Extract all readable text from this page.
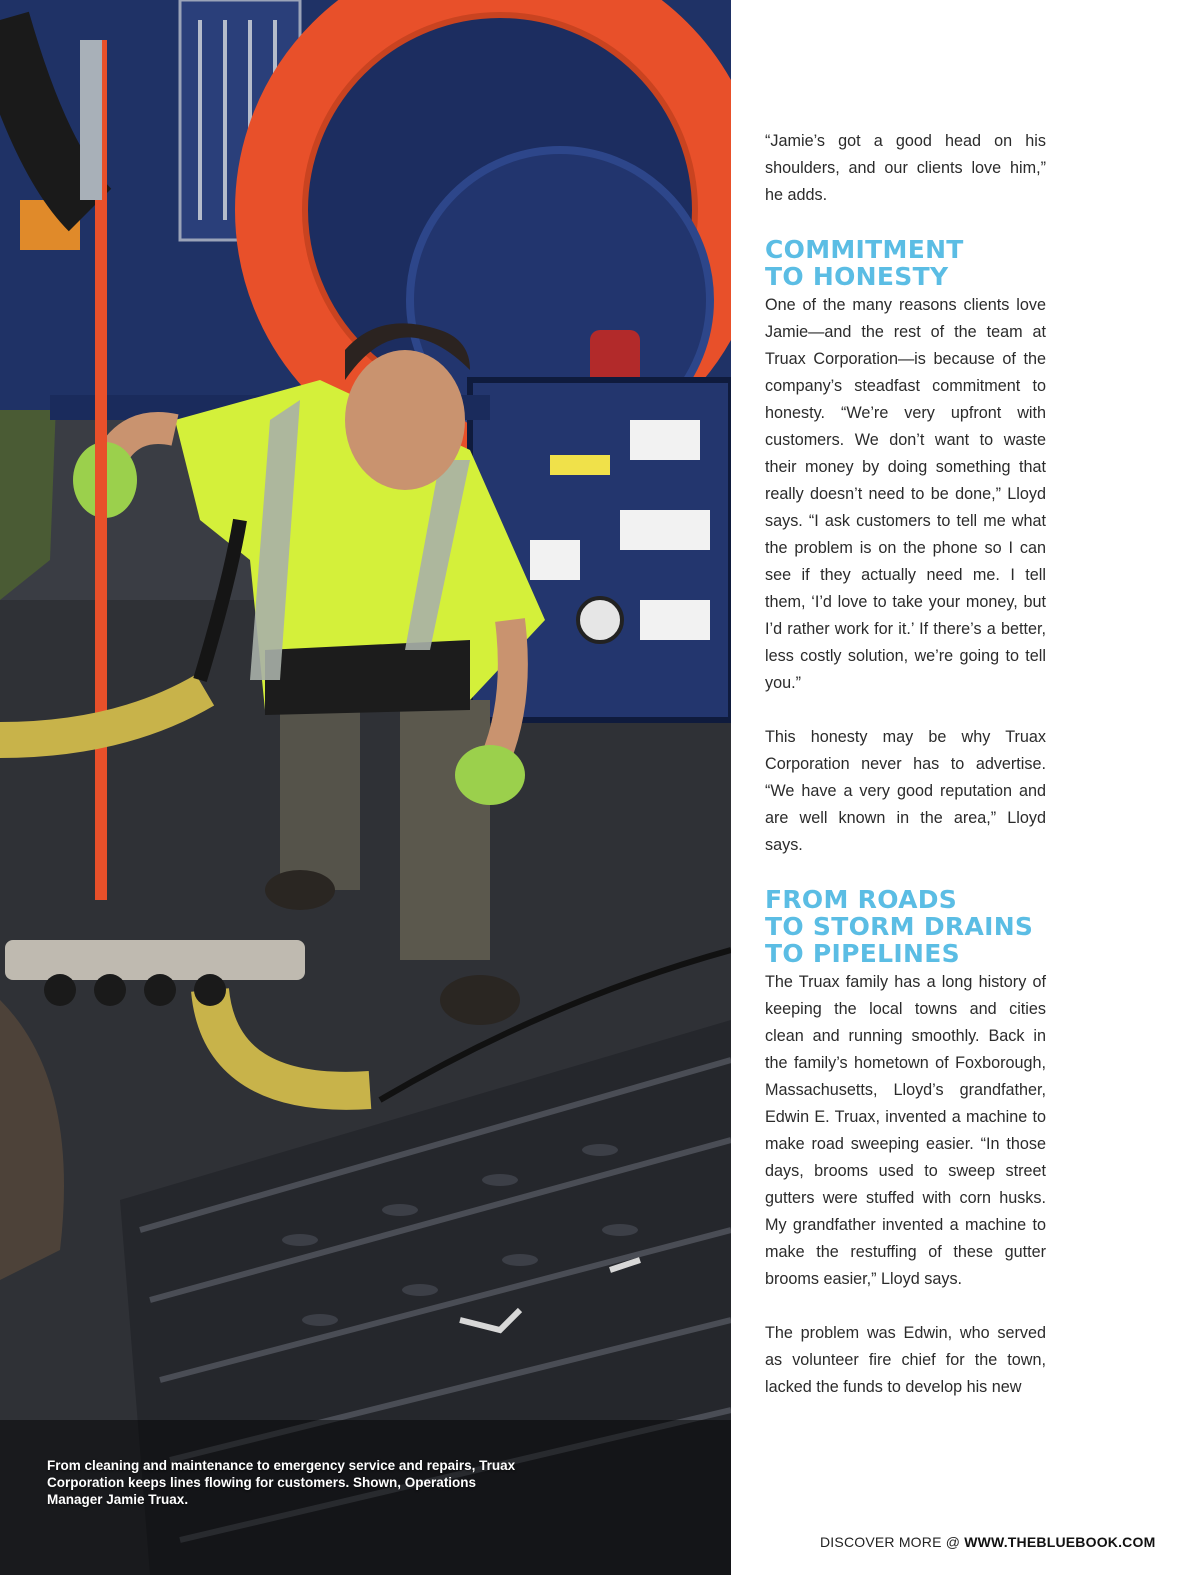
From cleaning and maintenance to emergency service and repairs, Truax Corporation keeps lines flowing for customers. Shown, Operations Manager Jamie Truax.

“Jamie’s got a good head on his shoulders, and our clients love him,” he adds.

COMMITMENT
TO HONESTY

One of the many reasons clients love Jamie—and the rest of the team at Truax Corporation—is because of the company’s steadfast commitment to honesty. “We’re very upfront with customers. We don’t want to waste their money by doing something that really doesn’t need to be done,” Lloyd says. “I ask customers to tell me what the problem is on the phone so I can see if they actually need me. I tell them, ‘I’d love to take your money, but I’d rather work for it.’ If there’s a better, less costly solution, we’re going to tell you.”

This honesty may be why Truax Corporation never has to advertise. “We have a very good reputation and are well known in the area,” Lloyd says.

FROM ROADS
TO STORM DRAINS
TO PIPELINES

The Truax family has a long history of keeping the local towns and cities clean and running smoothly. Back in the family’s hometown of Foxborough, Massachusetts, Lloyd’s grandfather, Edwin E. Truax, invented a machine to make road sweeping easier. “In those days, brooms used to sweep street gutters were stuffed with corn husks. My grandfather invented a machine to make the restuffing of these gutter brooms easier,” Lloyd says.

The problem was Edwin, who served as volunteer fire chief for the town, lacked the funds to develop his new

DISCOVER MORE @ WWW.THEBLUEBOOK.COM
